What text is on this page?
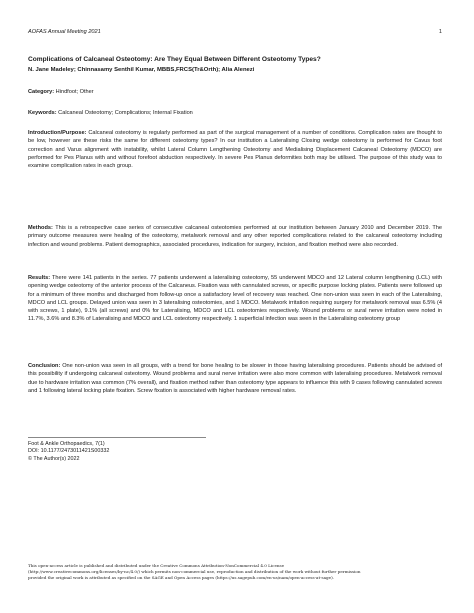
AOFAS Annual Meeting 2021	1
Complications of Calcaneal Osteotomy: Are They Equal Between Different Osteotomy Types?
N. Jane Madeley; Chinnasamy Senthil Kumar, MBBS,FRCS(Tr&Orth); Alia Alenezi
Category: Hindfoot; Other
Keywords: Calcaneal Osteotomy; Complications; Internal Fixation
Introduction/Purpose: Calcaneal osteotomy is regularly performed as part of the surgical management of a number of conditions. Complication rates are thought to be low, however are these risks the same for different osteotomy types? In our institution a Lateralising Closing wedge osteotomy is performed for Cavus foot correction and Varus alignment with instability, whilst Lateral Column Lengthening Osteotomy and Medialising Displacement Calcaneal Osteotomy (MDCO) are performed for Pes Planus with and without forefoot abduction respectively. In severe Pes Planus deformities both may be utilised. The purpose of this study was to examine complication rates in each group.
Methods: This is a retrospective case series of consecutive calcaneal osteotomies performed at our institution between January 2010 and December 2019. The primary outcome measures were healing of the osteotomy, metalwork removal and any other reported complications related to the calcaneal osteotomy including infection and wound problems. Patient demographics, associated procedures, indication for surgery, incision, and fixation method were also recorded.
Results: There were 141 patients in the series. 77 patients underwent a lateralising osteotomy, 55 underwent MDCO and 12 Lateral column lengthening (LCL) with opening wedge osteotomy of the anterior process of the Calcaneus. Fixation was with cannulated screws, or specific purpose locking plates. Patients were followed up for a minimum of three months and discharged from follow-up once a satisfactory level of recovery was reached. One non-union was seen in each of the Lateralising, MDCO and LCL groups. Delayed union was seen in 3 lateralising osteotomies, and 1 MDCO. Metalwork irritation requiring surgery for metalwork removal was 6.5% (4 with screws, 1 plate), 9.1% (all screws) and 0% for Lateralising, MDCO and LCL osteotomies respectively. Wound problems or sural nerve irritation were noted in 11.7%, 3.6% and 8.3% of Lateralising and MDCO and LCL osteotomy respectively. 1 superficial infection was seen in the Lateralising osteotomy group
Conclusion: One non-union was seen in all groups, with a trend for bone healing to be slower in those having lateralising procedures. Patients should be advised of this possibility if undergoing calcaneal osteotomy. Wound problems and sural nerve irritation were also more common with lateralising procedures. Metalwork removal due to hardware irritation was common (7% overall), and fixation method rather than osteotomy type appears to influence this with 9 cases following cannulated screws and 1 following lateral locking plate fixation. Screw fixation is associated with higher hardware removal rates.
Foot & Ankle Orthopaedics, 7(1)
DOI: 10.1177/2473011421S00332
© The Author(s) 2022
This open-access article is published and distributed under the Creative Commons Attribution-NonCommercial 4.0 License
(http://www.creativecommons.org/licenses/by-nc/4.0/) which permits non-commercial use, reproduction and distribution of the work without further permission
provided the original work is attributed as specified on the SAGE and Open Access pages (https://us.sagepub.com/en-us/nam/open-access-at-sage).
